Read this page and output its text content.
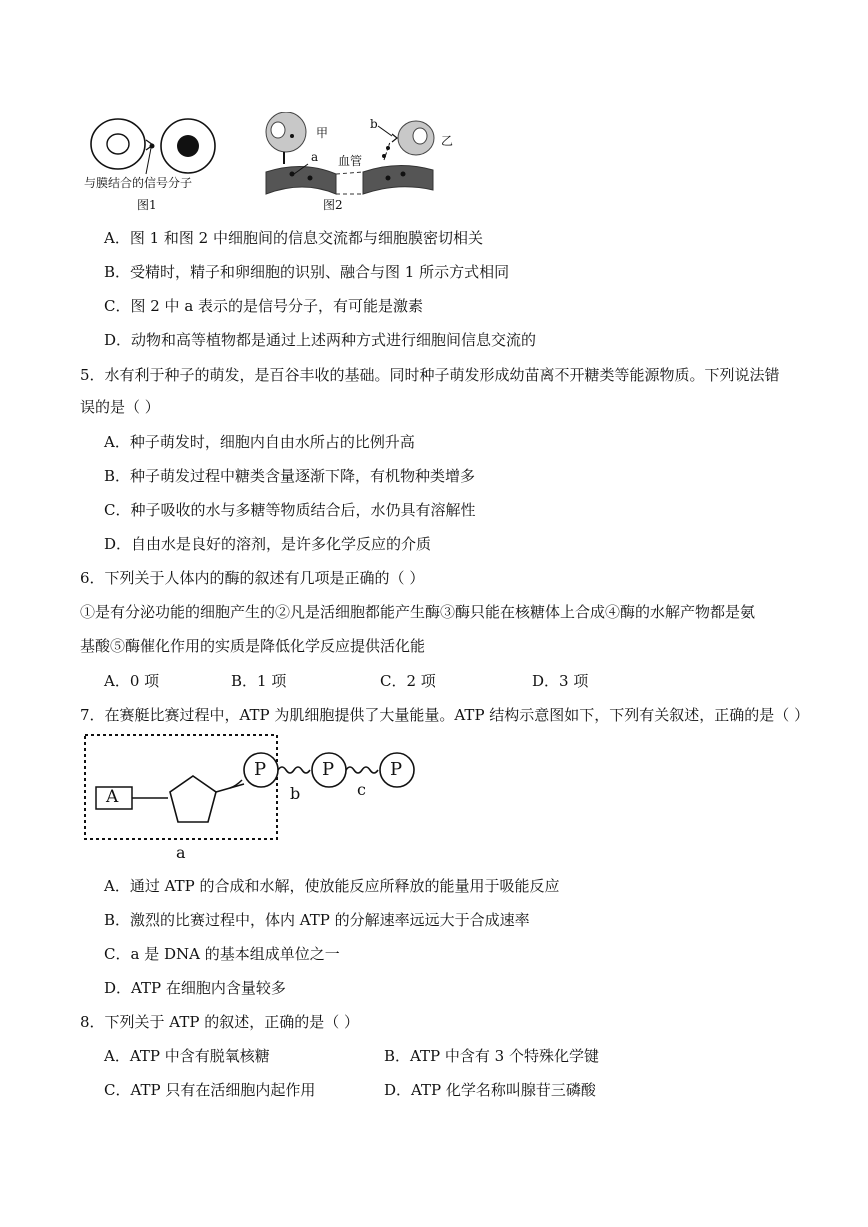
与膜结合的信号分子
图1
甲
乙
a
b
血管
图2
A．图 1 和图 2 中细胞间的信息交流都与细胞膜密切相关
B．受精时，精子和卵细胞的识别、融合与图 1 所示方式相同
C．图 2 中 a 表示的是信号分子，有可能是激素
D．动物和高等植物都是通过上述两种方式进行细胞间信息交流的
5．水有利于种子的萌发，是百谷丰收的基础。同时种子萌发形成幼苗离不开糖类等能源物质。下列说法错
误的是（ ）
A．种子萌发时，细胞内自由水所占的比例升高
B．种子萌发过程中糖类含量逐渐下降，有机物种类增多
C．种子吸收的水与多糖等物质结合后，水仍具有溶解性
D．自由水是良好的溶剂，是许多化学反应的介质
6．下列关于人体内的酶的叙述有几项是正确的（ ）
①是有分泌功能的细胞产生的②凡是活细胞都能产生酶③酶只能在核糖体上合成④酶的水解产物都是氨
基酸⑤酶催化作用的实质是降低化学反应提供活化能
A．0 项	B．1 项	C．2 项	D．3 项
7．在赛艇比赛过程中，ATP 为肌细胞提供了大量能量。ATP 结构示意图如下，下列有关叙述，正确的是（ ）
A
P	P	P
b	c
a
A．通过 ATP 的合成和水解，使放能反应所释放的能量用于吸能反应
B．激烈的比赛过程中，体内 ATP 的分解速率远远大于合成速率
C．a 是 DNA 的基本组成单位之一
D．ATP 在细胞内含量较多
8．下列关于 ATP 的叙述，正确的是（ ）
A．ATP 中含有脱氧核糖	B．ATP 中含有 3 个特殊化学键
C．ATP 只有在活细胞内起作用	D．ATP 化学名称叫腺苷三磷酸
